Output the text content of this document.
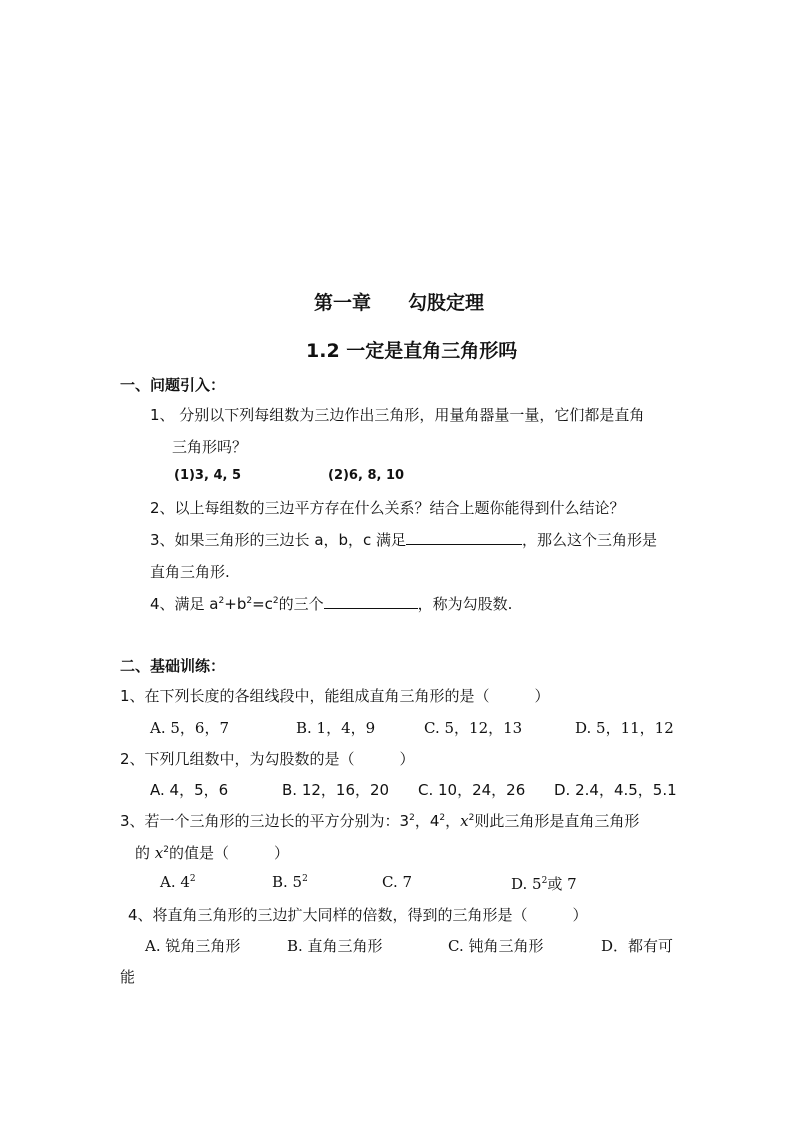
第一章 勾股定理
1.2 一定是直角三角形吗
一、问题引入：
1、 分别以下列每组数为三边作出三角形，用量角器量一量，它们都是直角
三角形吗？
(1)3, 4, 5	(2)6, 8, 10
2、以上每组数的三边平方存在什么关系？结合上题你能得到什么结论？
3、如果三角形的三边长 a，b，c 满足	，那么这个三角形是
直角三角形.
4、满足 $a^2+b^2=c^2$的三个	，称为勾股数.
二、基础训练：
1、在下列长度的各组线段中，能组成直角三角形的是（　　　）
A. 5，6，7	B. 1，4，9	C. 5，12，13	D. 5，11，12
2、下列几组数中，为勾股数的是（　　　）
A. 4，5，6	B. 12，16，20 C. 10，24，26 D. 2.4，4.5，5.1
3、若一个三角形的三边长的平方分别为：$3^2$，$4^2$，$x^2$则此三角形是直角三角形
的 $x^2$的值是（　　　）
A. $4^2$	B. $5^2$	C. 7	D. $5^2$或 7
4、将直角三角形的三边扩大同样的倍数，得到的三角形是（　　　）
A. 锐角三角形	B. 直角三角形	C. 钝角三角形	D．都有可
能
